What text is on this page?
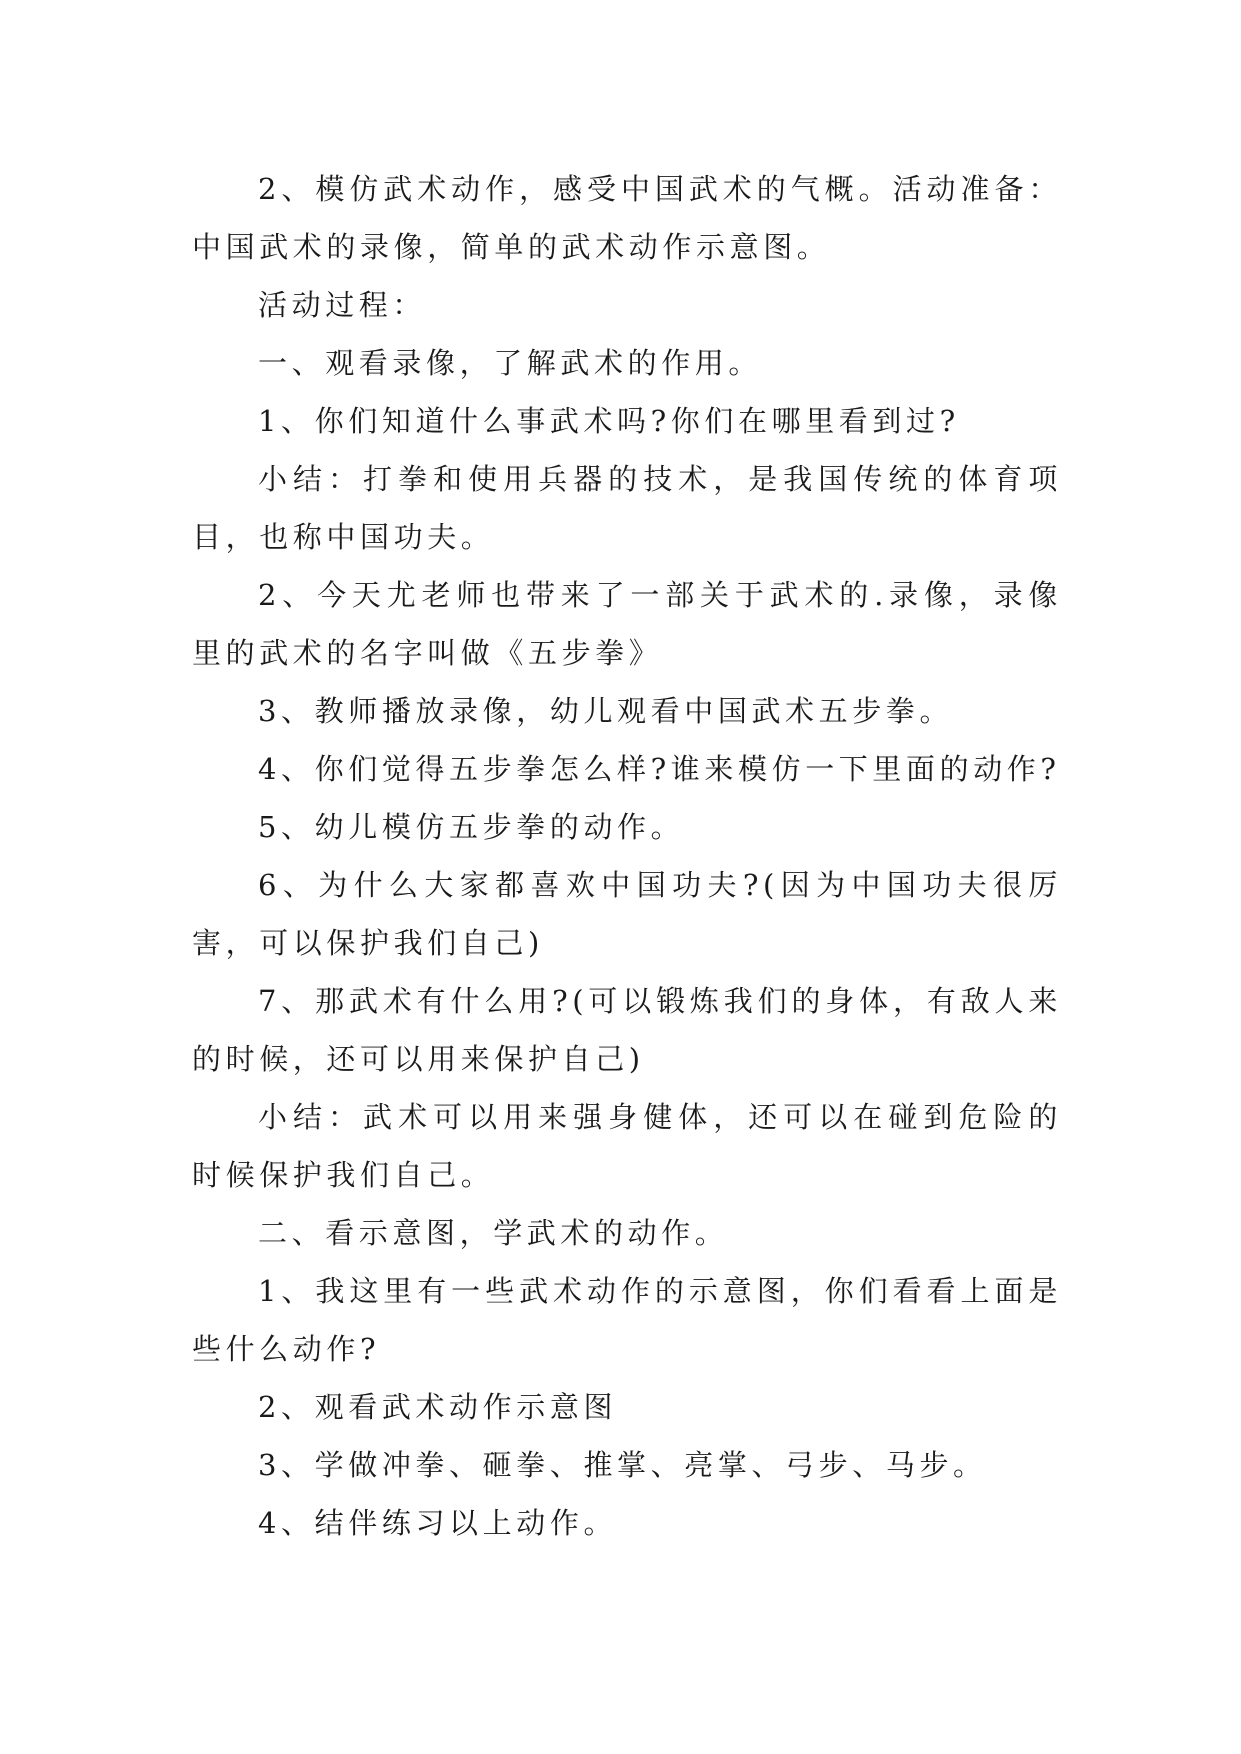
2、模仿武术动作，感受中国武术的气概。活动准备：中国武术的录像，简单的武术动作示意图。

活动过程：

一、观看录像，了解武术的作用。

1、你们知道什么事武术吗?你们在哪里看到过?

小结：打拳和使用兵器的技术，是我国传统的体育项目，也称中国功夫。

2、今天尤老师也带来了一部关于武术的.录像，录像里的武术的名字叫做《五步拳》

3、教师播放录像，幼儿观看中国武术五步拳。

4、你们觉得五步拳怎么样?谁来模仿一下里面的动作?

5、幼儿模仿五步拳的动作。

6、为什么大家都喜欢中国功夫?(因为中国功夫很厉害，可以保护我们自己)

7、那武术有什么用?(可以锻炼我们的身体，有敌人来的时候，还可以用来保护自己)

小结：武术可以用来强身健体，还可以在碰到危险的时候保护我们自己。

二、看示意图，学武术的动作。

1、我这里有一些武术动作的示意图，你们看看上面是些什么动作?

2、观看武术动作示意图

3、学做冲拳、砸拳、推掌、亮掌、弓步、马步。

4、结伴练习以上动作。
